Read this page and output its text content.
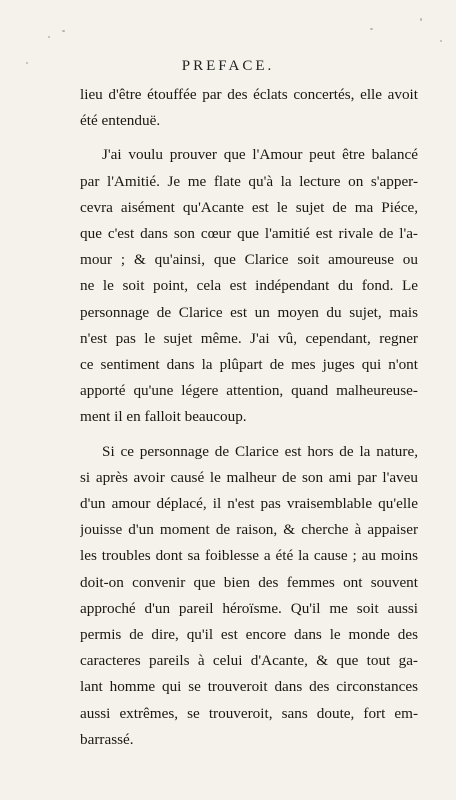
PREFACE.
lieu d'être étouffée par des éclats concertés, elle avoit
été entenduë.
J'ai voulu prouver que l'Amour peut être balancé
par l'Amitié. Je me flate qu'à la lecture on s'apper-
cevra aisément qu'Acante est le sujet de ma Piéce,
que c'est dans son cœur que l'amitié est rivale de l'a-
mour ; & qu'ainsi, que Clarice soit amoureuse ou
ne le soit point, cela est indépendant du fond. Le
personnage de Clarice est un moyen du sujet, mais
n'est pas le sujet même. J'ai vû, cependant, regner
ce sentiment dans la plûpart de mes juges qui n'ont
apporté qu'une légere attention, quand malheureuse-
ment il en falloit beaucoup.
Si ce personnage de Clarice est hors de la nature,
si après avoir causé le malheur de son ami par l'aveu
d'un amour déplacé, il n'est pas vraisemblable qu'elle
jouisse d'un moment de raison, & cherche à appaiser
les troubles dont sa foiblesse a été la cause ; au moins
doit-on convenir que bien des femmes ont souvent
approché d'un pareil héroïsme. Qu'il me soit aussi
permis de dire, qu'il est encore dans le monde des
caracteres pareils à celui d'Acante, & que tout ga-
lant homme qui se trouveroit dans des circonstances
aussi extrêmes, se trouveroit, sans doute, fort em-
barrassé.
